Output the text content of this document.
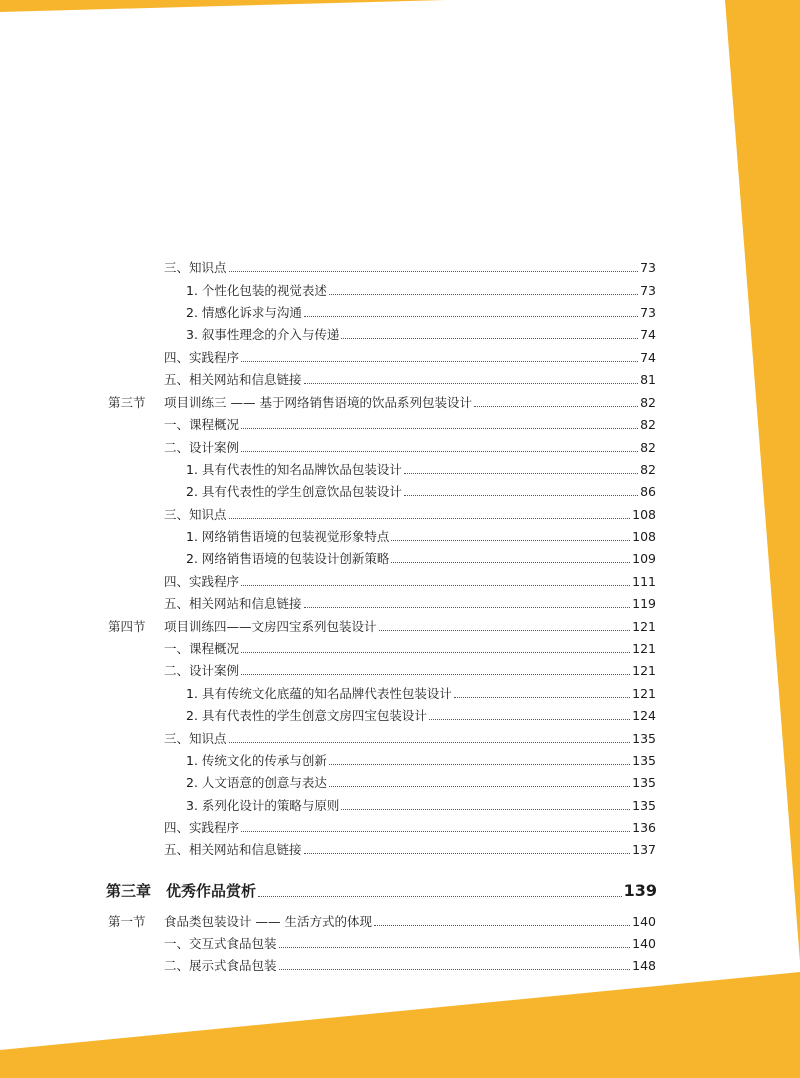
三、知识点	73
1. 个性化包装的视觉表述	73
2. 情感化诉求与沟通	73
3. 叙事性理念的介入与传递	74
四、实践程序	74
五、相关网站和信息链接	81
第三节	项目训练三 —— 基于网络销售语境的饮品系列包装设计	82
一、课程概况	82
二、设计案例	82
1. 具有代表性的知名品牌饮品包装设计	82
2. 具有代表性的学生创意饮品包装设计	86
三、知识点	108
1. 网络销售语境的包装视觉形象特点	108
2. 网络销售语境的包装设计创新策略	109
四、实践程序	111
五、相关网站和信息链接	119
第四节	项目训练四——文房四宝系列包装设计	121
一、课程概况	121
二、设计案例	121
1. 具有传统文化底蕴的知名品牌代表性包装设计	121
2. 具有代表性的学生创意文房四宝包装设计	124
三、知识点	135
1. 传统文化的传承与创新	135
2. 人文语意的创意与表达	135
3. 系列化设计的策略与原则	135
四、实践程序	136
五、相关网站和信息链接	137
第三章 优秀作品赏析	139
第一节	食品类包装设计 —— 生活方式的体现	140
一、交互式食品包装	140
二、展示式食品包装	148
